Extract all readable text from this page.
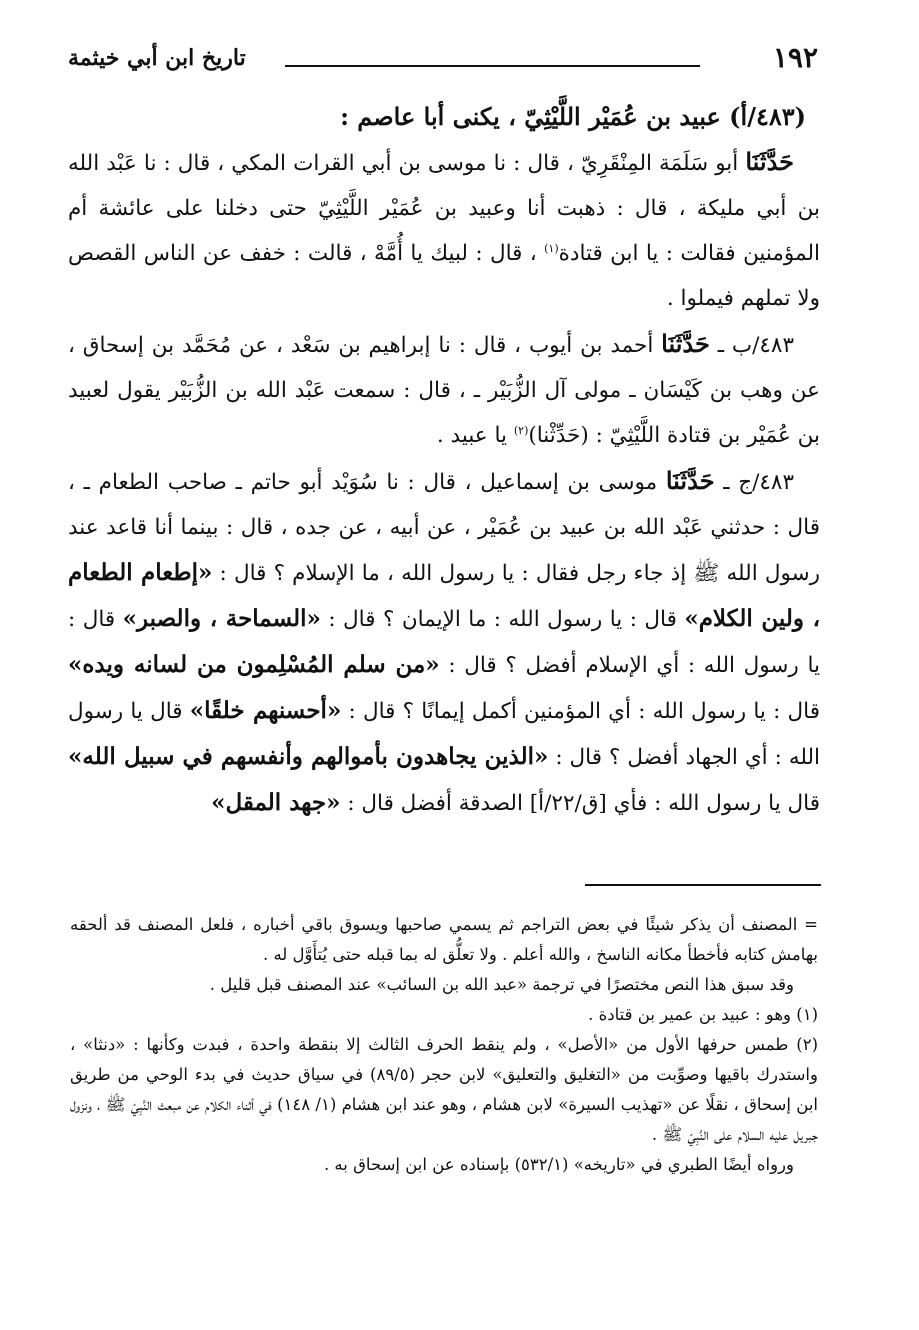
١٩٢
تاريخ ابن أبي خيثمة

(٤٨٣/أ) عبيد بن عُمَيْر اللَّيْثِيّ ، يكنى أبا عاصم :

حَدَّثَنَا أبو سَلَمَة المِنْقَرِيّ ، قال : نا موسى بن أبي القرات المكي ، قال : نا عَبْد الله بن أبي مليكة ، قال : ذهبت أنا وعبيد بن عُمَيْر اللَّيْثِيّ حتى دخلنا على عائشة أم المؤمنين فقالت : يا ابن قتادة$^{(١)}$ ، قال : لبيك يا أُمَّهْ ، قالت : خفف عن الناس القصص ولا تملهم فيملوا .

٤٨٣/ب ـ حَدَّثَنَا أحمد بن أيوب ، قال : نا إبراهيم بن سَعْد ، عن مُحَمَّد بن إسحاق ، عن وهب بن كَيْسَان ـ مولى آل الزُّبَيْر ـ ، قال : سمعت عَبْد الله بن الزُّبَيْر يقول لعبيد بن عُمَيْر بن قتادة اللَّيْثِيّ : (حَدِّثْنا)$^{(٢)}$ يا عبيد .

٤٨٣/ج ـ حَدَّثَنَا موسى بن إسماعيل ، قال : نا سُوَيْد أبو حاتم ـ صاحب الطعام ـ ، قال : حدثني عَبْد الله بن عبيد بن عُمَيْر ، عن أبيه ، عن جده ، قال : بينما أنا قاعد عند رسول الله ﷺ إذ جاء رجل فقال : يا رسول الله ، ما الإسلام ؟ قال : «إطعام الطعام ، ولين الكلام» قال : يا رسول الله : ما الإيمان ؟ قال : «السماحة ، والصبر» قال : يا رسول الله : أي الإسلام أفضل ؟ قال : «من سلم المُسْلِمون من لسانه ويده» قال : يا رسول الله : أي المؤمنين أكمل إيمانًا ؟ قال : «أحسنهم خلقًا» قال يا رسول الله : أي الجهاد أفضل ؟ قال : «الذين يجاهدون بأموالهم وأنفسهم في سبيل الله» قال يا رسول الله : فأي [ق/٢٢/أ] الصدقة أفضل قال : «جهد المقل»

= المصنف أن يذكر شيئًا في بعض التراجم ثم يسمي صاحبها ويسوق باقي أخباره ، فلعل المصنف قد ألحقه بهامش كتابه فأخطأ مكانه الناسخ ، والله أعلم . ولا تعلُّق له بما قبله حتى يُتأَوَّل له .

وقد سبق هذا النص مختصرًا في ترجمة «عبد الله بن السائب» عند المصنف قبل قليل .

(١) وهو : عبيد بن عمير بن قتادة .

(٢) طمس حرفها الأول من «الأصل» ، ولم ينقط الحرف الثالث إلا بنقطة واحدة ، فبدت وكأنها : «دنثا» ، واستدرك باقيها وصوِّبت من «التغليق والتعليق» لابن حجر (٨٩/٥) في سياق حديث في بدء الوحي من طريق ابن إسحاق ، نقلًا عن «تهذيب السيرة» لابن هشام ، وهو عند ابن هشام (١/ ١٤٨) في أثناء الكلام عن مبعث النَّبِيّ ﷺ ، ونزول جبريل عليه السلام على النَّبِيّ ﷺ .

ورواه أيضًا الطبري في «تاريخه» (٥٣٢/١) بإسناده عن ابن إسحاق به .
